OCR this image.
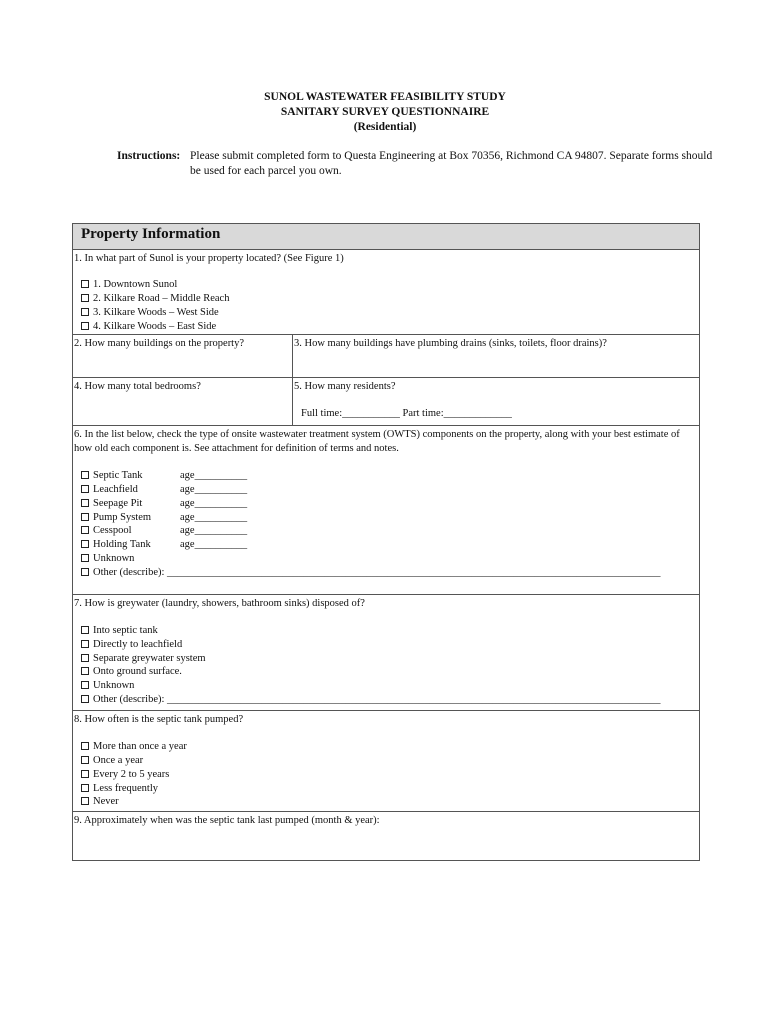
SUNOL WASTEWATER FEASIBILITY STUDY
SANITARY SURVEY QUESTIONNAIRE
(Residential)
Instructions: Please submit completed form to Questa Engineering at Box 70356, Richmond CA 94807. Separate forms should be used for each parcel you own.
Property Information
1. In what part of Sunol is your property located? (See Figure 1)
1. Downtown Sunol
2. Kilkare Road – Middle Reach
3. Kilkare Woods – West Side
4. Kilkare Woods – East Side
2. How many buildings on the property?	3. How many buildings have plumbing drains (sinks, toilets, floor drains)?
4. How many total bedrooms?	5. How many residents?
Full time:___________ Part time:_____________
6. In the list below, check the type of onsite wastewater treatment system (OWTS) components on the property, along with your best estimate of how old each component is. See attachment for definition of terms and notes.
Septic Tank	age__________
Leachfield	age__________
Seepage Pit	age__________
Pump System	age__________
Cesspool	age__________
Holding Tank	age__________
Unknown
Other (describe): ______________________________________________________________________________________________
7. How is greywater (laundry, showers, bathroom sinks) disposed of?
Into septic tank
Directly to leachfield
Separate greywater system
Onto ground surface.
Unknown
Other (describe): ______________________________________________________________________________________________
8. How often is the septic tank pumped?
More than once a year
Once a year
Every 2 to 5 years
Less frequently
Never
9. Approximately when was the septic tank last pumped (month & year):
